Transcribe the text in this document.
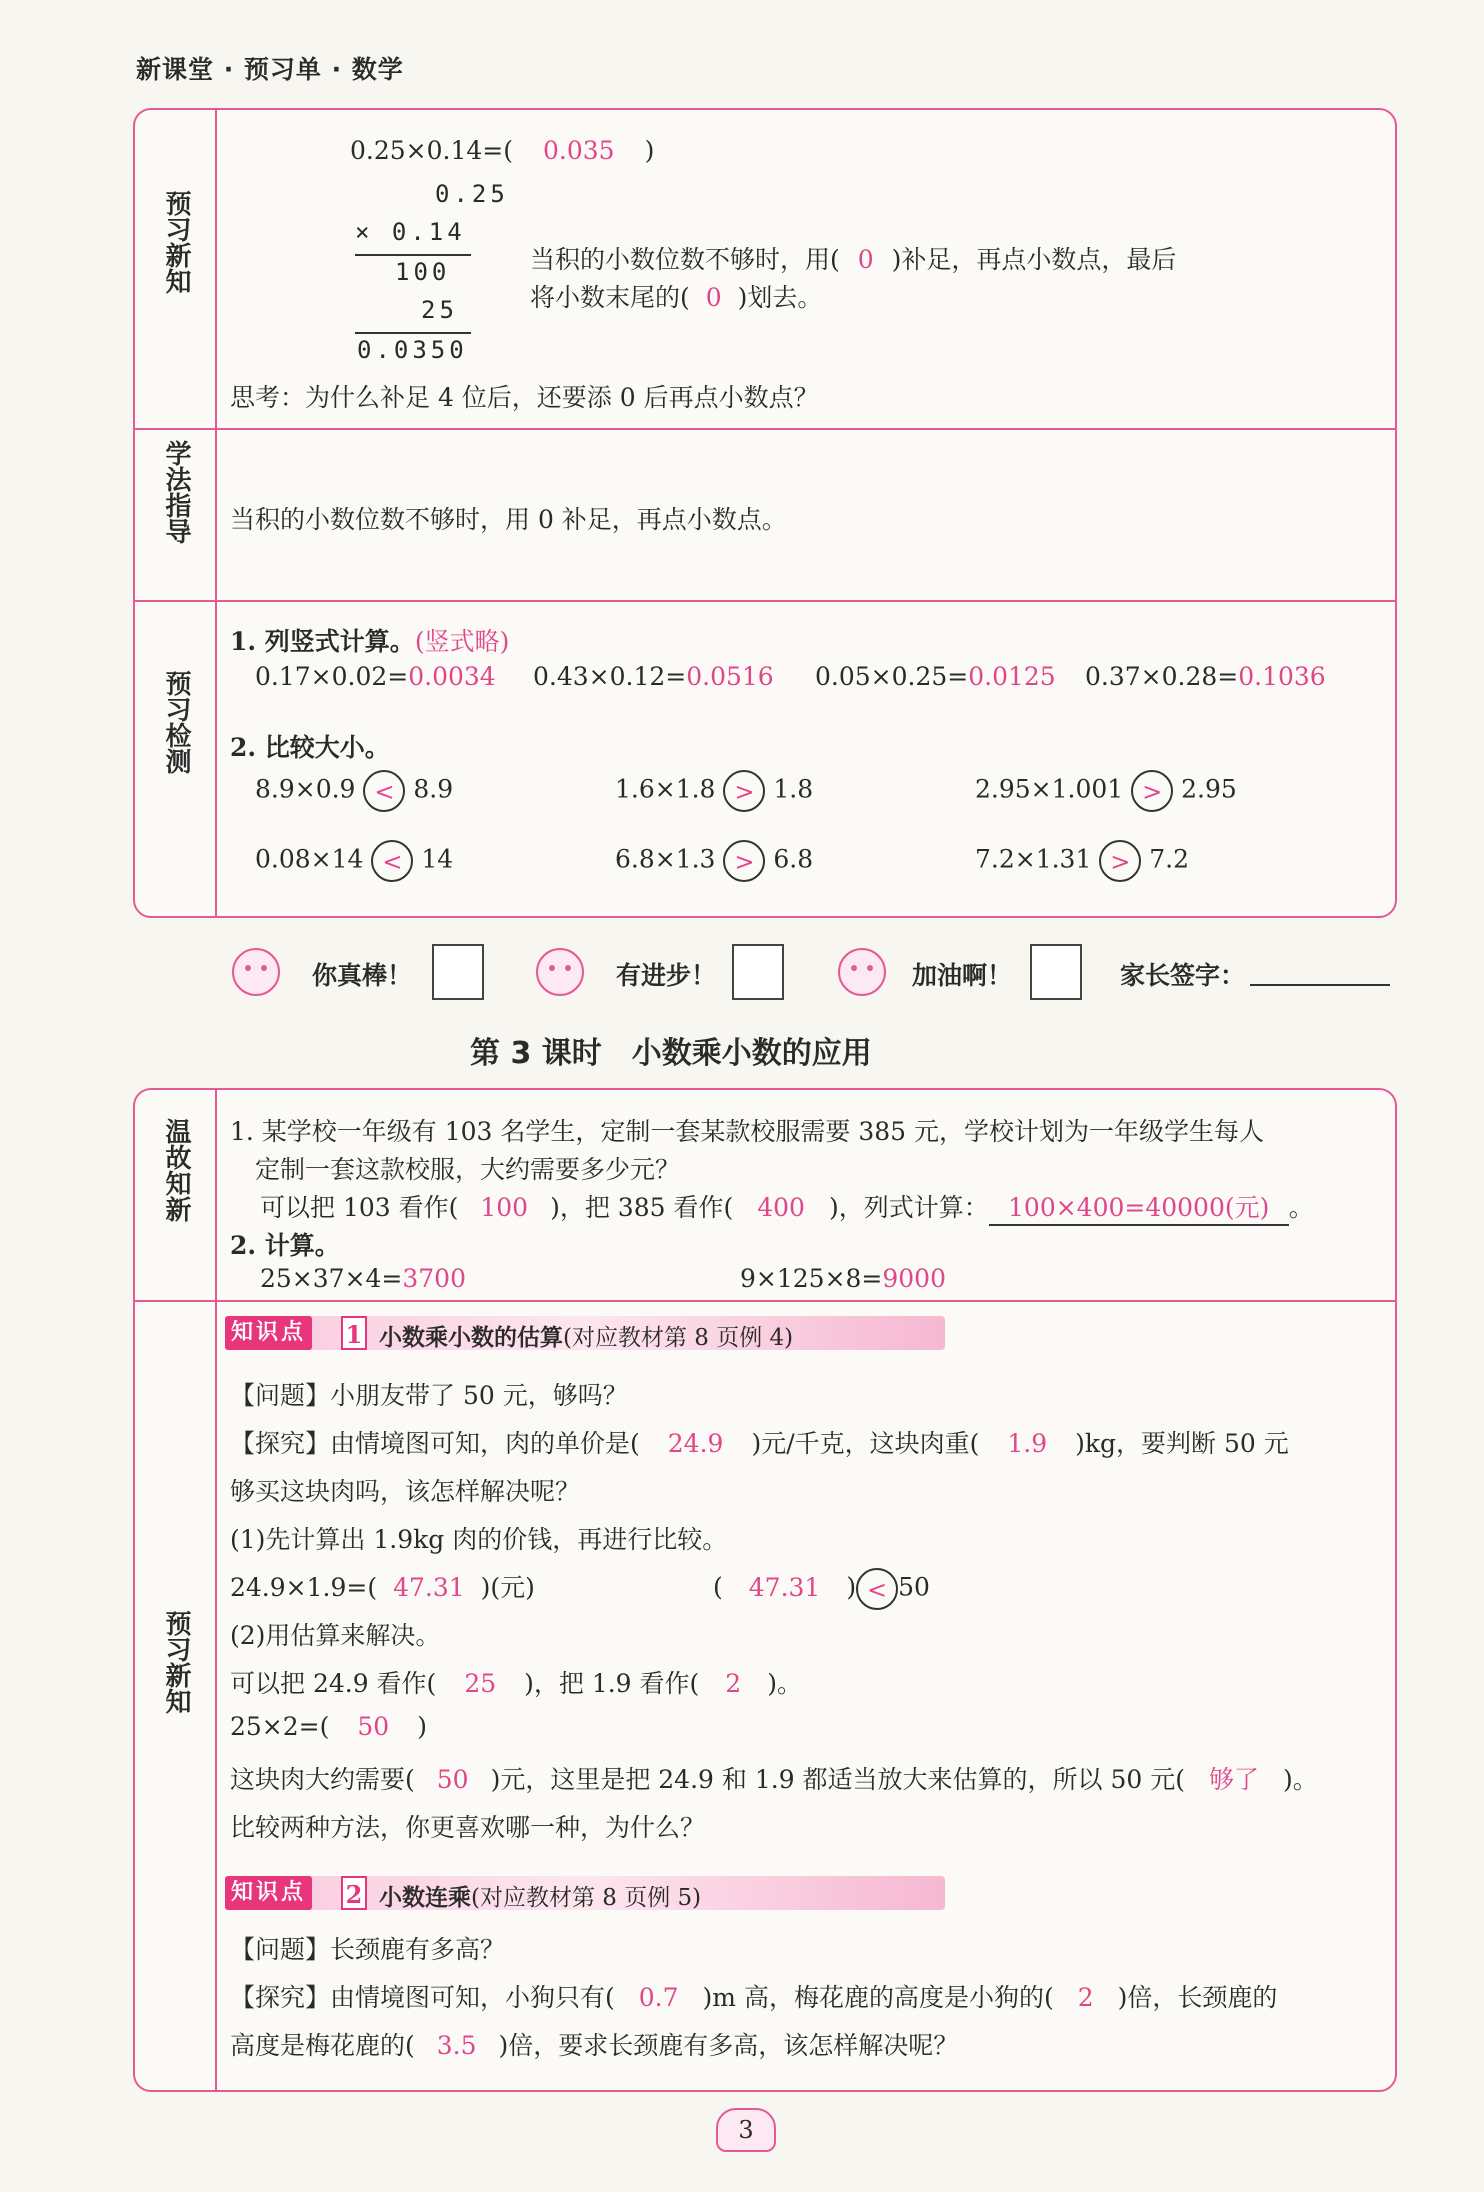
新课堂 · 预习单 · 数学
预习新知
学法指导
预习检测
0.25×0.14=( 0.035 )
0.25
× 0.14
100
25
0.0350
当积的小数位数不够时，用( 0 )补足，再点小数点，最后
将小数末尾的( 0 )划去。
思考：为什么补足 4 位后，还要添 0 后再点小数点？
当积的小数位数不够时，用 0 补足，再点小数点。
1. 列竖式计算。(竖式略)
0.17×0.02=0.0034 0.43×0.12=0.0516 0.05×0.25=0.0125 0.37×0.28=0.1036
2. 比较大小。
8.9×0.9 < 8.9	1.6×1.8 > 1.8	2.95×1.001 > 2.95
0.08×14 < 14	6.8×1.3 > 6.8	7.2×1.31 > 7.2
你真棒！	有进步！	加油啊！	家长签字：
第 3 课时　小数乘小数的应用
温故知新
预习新知
1. 某学校一年级有 103 名学生，定制一套某款校服需要 385 元，学校计划为一年级学生每人
定制一套这款校服，大约需要多少元？
可以把 103 看作( 100 )，把 385 看作( 400 )，列式计算： 100×400=40000(元) 。
2. 计算。
25×37×4=3700	9×125×8=9000
知识点 1 小数乘小数的估算(对应教材第 8 页例 4)
【问题】小朋友带了 50 元，够吗？
【探究】由情境图可知，肉的单价是( 24.9 )元/千克，这块肉重( 1.9 )kg，要判断 50 元
够买这块肉吗，该怎样解决呢？
(1)先计算出 1.9kg 肉的价钱，再进行比较。
24.9×1.9=( 47.31 )(元)	( 47.31 ) < 50
(2)用估算来解决。
可以把 24.9 看作( 25 )，把 1.9 看作( 2 )。
25×2=( 50 )
这块肉大约需要( 50 )元，这里是把 24.9 和 1.9 都适当放大来估算的，所以 50 元( 够了 )。
比较两种方法，你更喜欢哪一种，为什么？
知识点 2 小数连乘(对应教材第 8 页例 5)
【问题】长颈鹿有多高？
【探究】由情境图可知，小狗只有( 0.7 )m 高，梅花鹿的高度是小狗的( 2 )倍，长颈鹿的
高度是梅花鹿的( 3.5 )倍，要求长颈鹿有多高，该怎样解决呢？
3
